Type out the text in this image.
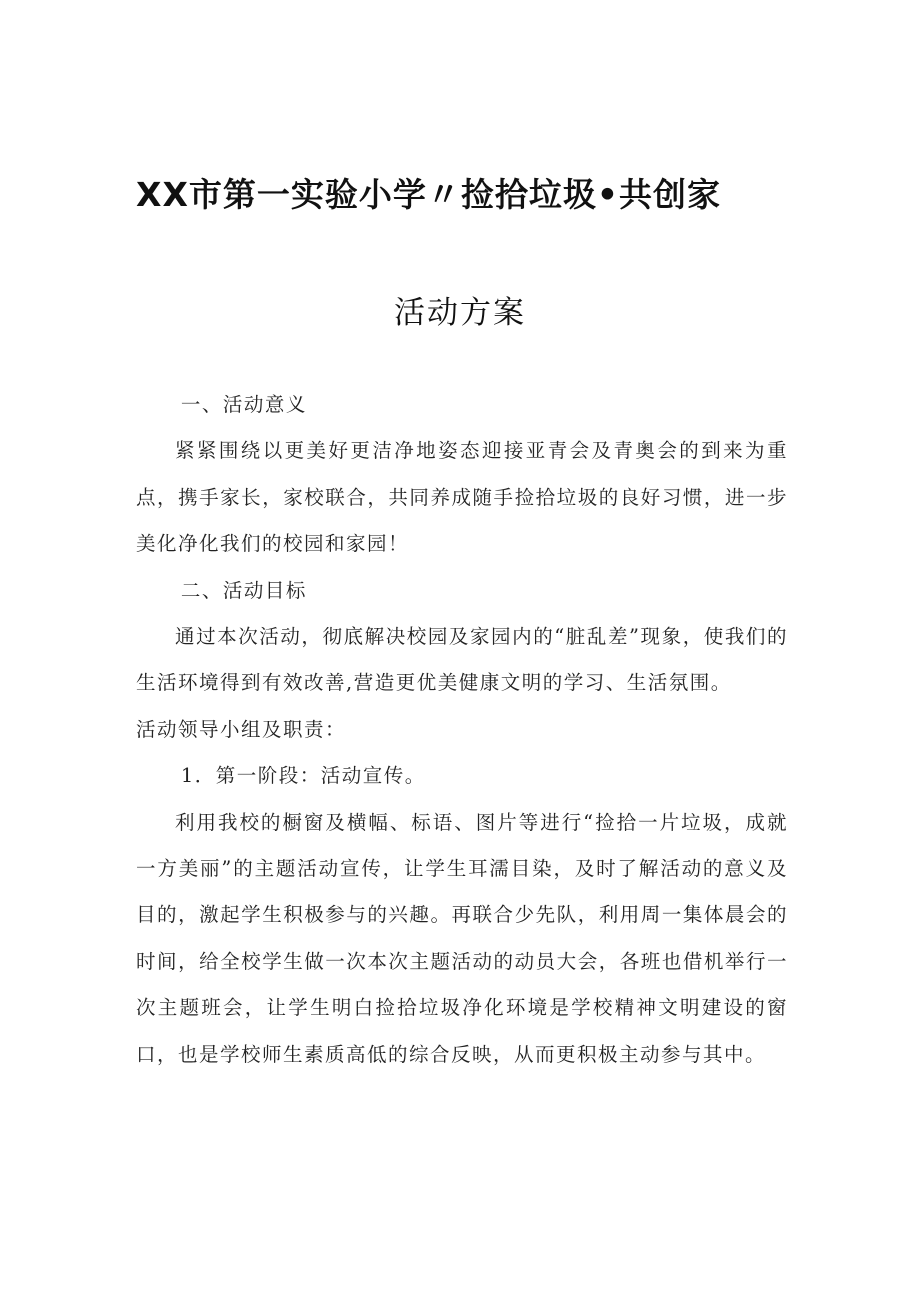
XX市第一实验小学〃捡拾垃圾•共创家
活动方案

一、活动意义

紧紧围绕以更美好更洁净地姿态迎接亚青会及青奥会的到来为重点，携手家长，家校联合，共同养成随手捡拾垃圾的良好习惯，进一步美化净化我们的校园和家园！

二、活动目标

通过本次活动，彻底解决校园及家园内的“脏乱差”现象，使我们的生活环境得到有效改善,营造更优美健康文明的学习、生活氛围。

活动领导小组及职责：

1．第一阶段：活动宣传。

利用我校的橱窗及横幅、标语、图片等进行“捡拾一片垃圾，成就一方美丽”的主题活动宣传，让学生耳濡目染，及时了解活动的意义及目的，激起学生积极参与的兴趣。再联合少先队，利用周一集体晨会的时间，给全校学生做一次本次主题活动的动员大会，各班也借机举行一次主题班会，让学生明白捡拾垃圾净化环境是学校精神文明建设的窗口，也是学校师生素质高低的综合反映，从而更积极主动参与其中。
